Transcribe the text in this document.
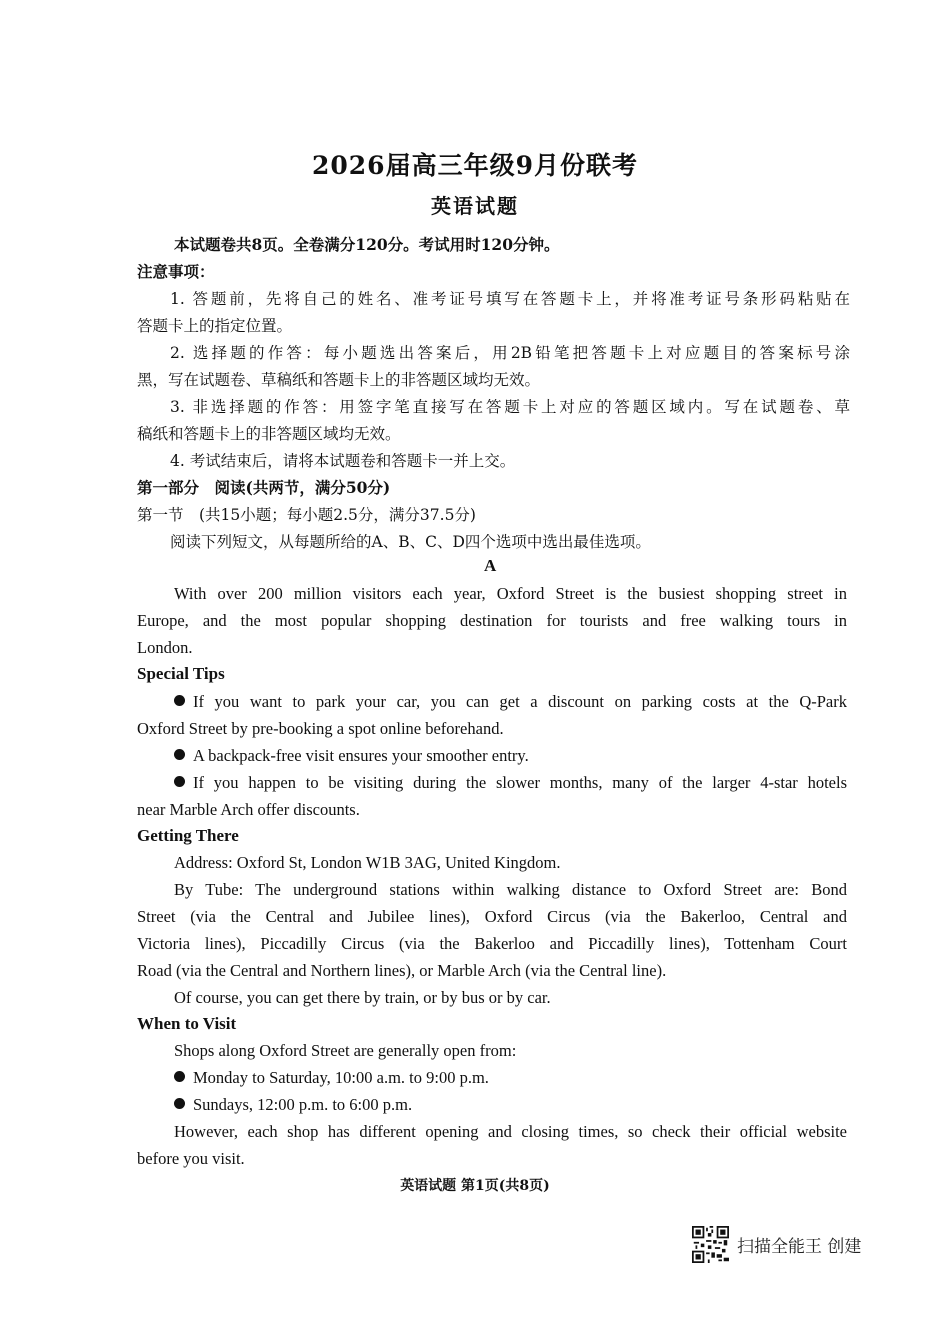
2026届高三年级9月份联考
英语试题
本试题卷共8页。全卷满分120分。考试用时120分钟。
注意事项：
1. 答题前，先将自己的姓名、准考证号填写在答题卡上，并将准考证号条形码粘贴在
答题卡上的指定位置。
2. 选择题的作答：每小题选出答案后，用2B铅笔把答题卡上对应题目的答案标号涂
黑，写在试题卷、草稿纸和答题卡上的非答题区域均无效。
3. 非选择题的作答：用签字笔直接写在答题卡上对应的答题区域内。写在试题卷、草
稿纸和答题卡上的非答题区域均无效。
4. 考试结束后，请将本试题卷和答题卡一并上交。
第一部分　阅读(共两节，满分50分)
第一节　(共15小题；每小题2.5分，满分37.5分)
阅读下列短文，从每题所给的A、B、C、D四个选项中选出最佳选项。
A
With over 200 million visitors each year, Oxford Street is the busiest shopping street in
Europe, and the most popular shopping destination for tourists and free walking tours in
London.
Special Tips
If you want to park your car, you can get a discount on parking costs at the Q-Park
Oxford Street by pre-booking a spot online beforehand.
A backpack-free visit ensures your smoother entry.
If you happen to be visiting during the slower months, many of the larger 4-star hotels
near Marble Arch offer discounts.
Getting There
Address: Oxford St, London W1B 3AG, United Kingdom.
By Tube: The underground stations within walking distance to Oxford Street are: Bond
Street (via the Central and Jubilee lines), Oxford Circus (via the Bakerloo, Central and
Victoria lines), Piccadilly Circus (via the Bakerloo and Piccadilly lines), Tottenham Court
Road (via the Central and Northern lines), or Marble Arch (via the Central line).
Of course, you can get there by train, or by bus or by car.
When to Visit
Shops along Oxford Street are generally open from:
Monday to Saturday, 10:00 a.m. to 9:00 p.m.
Sundays, 12:00 p.m. to 6:00 p.m.
However, each shop has different opening and closing times, so check their official website
before you visit.
英语试题 第1页(共8页)
扫描全能王 创建
